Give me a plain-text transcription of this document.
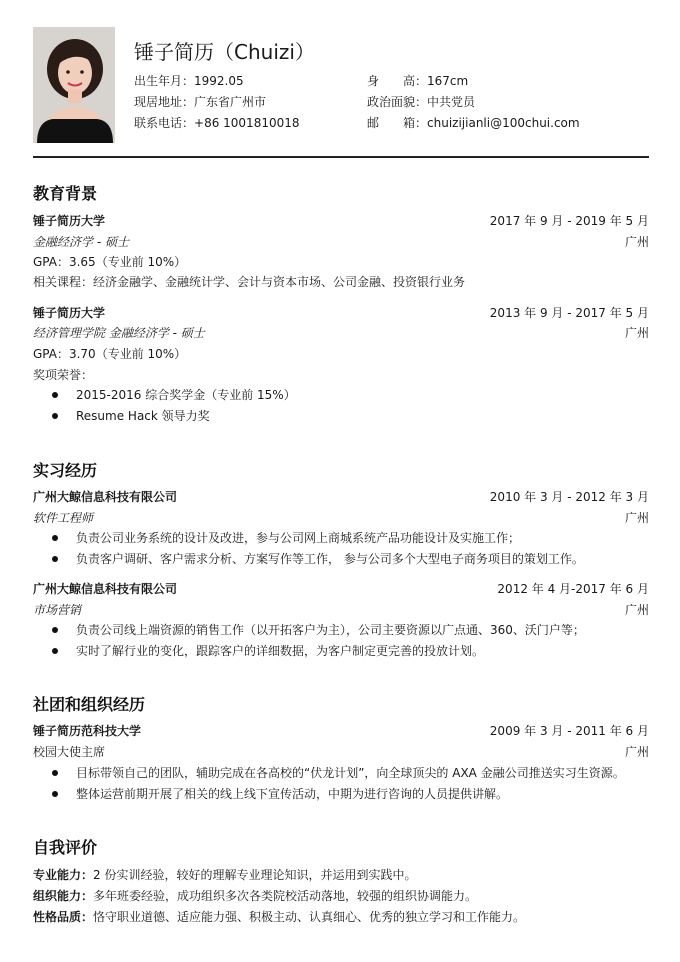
锤子简历（Chuizi）
出生年月：1992.05	身　　高：167cm
现居地址：广东省广州市	政治面貌：中共党员
联系电话：+86 1001810018	邮　　箱：chuizijianli@100chui.com
教育背景
锤子简历大学	2017 年 9 月 - 2019 年 5 月
金融经济学 - 硕士	广州
GPA：3.65（专业前 10%）
相关课程：经济金融学、金融统计学、会计与资本市场、公司金融、投资银行业务
锤子简历大学	2013 年 9 月 - 2017 年 5 月
经济管理学院 金融经济学 - 硕士	广州
GPA：3.70（专业前 10%）
奖项荣誉：
2015-2016 综合奖学金（专业前 15%）
Resume Hack 领导力奖
实习经历
广州大鲸信息科技有限公司	2010 年 3 月 - 2012 年 3 月
软件工程师	广州
负责公司业务系统的设计及改进，参与公司网上商城系统产品功能设计及实施工作；
负责客户调研、客户需求分析、方案写作等工作， 参与公司多个大型电子商务项目的策划工作。
广州大鲸信息科技有限公司	2012 年 4 月-2017 年 6 月
市场营销	广州
负责公司线上端资源的销售工作（以开拓客户为主），公司主要资源以广点通、360、沃门户等；
实时了解行业的变化，跟踪客户的详细数据，为客户制定更完善的投放计划。
社团和组织经历
锤子简历范科技大学	2009 年 3 月 - 2011 年 6 月
校园大使主席	广州
目标带领自己的团队，辅助完成在各高校的“伏龙计划”，向全球顶尖的 AXA 金融公司推送实习生资源。
整体运营前期开展了相关的线上线下宣传活动，中期为进行咨询的人员提供讲解。
自我评价
专业能力：2 份实训经验，较好的理解专业理论知识，并运用到实践中。
组织能力：多年班委经验，成功组织多次各类院校活动落地，较强的组织协调能力。
性格品质：恪守职业道德、适应能力强、积极主动、认真细心、优秀的独立学习和工作能力。
